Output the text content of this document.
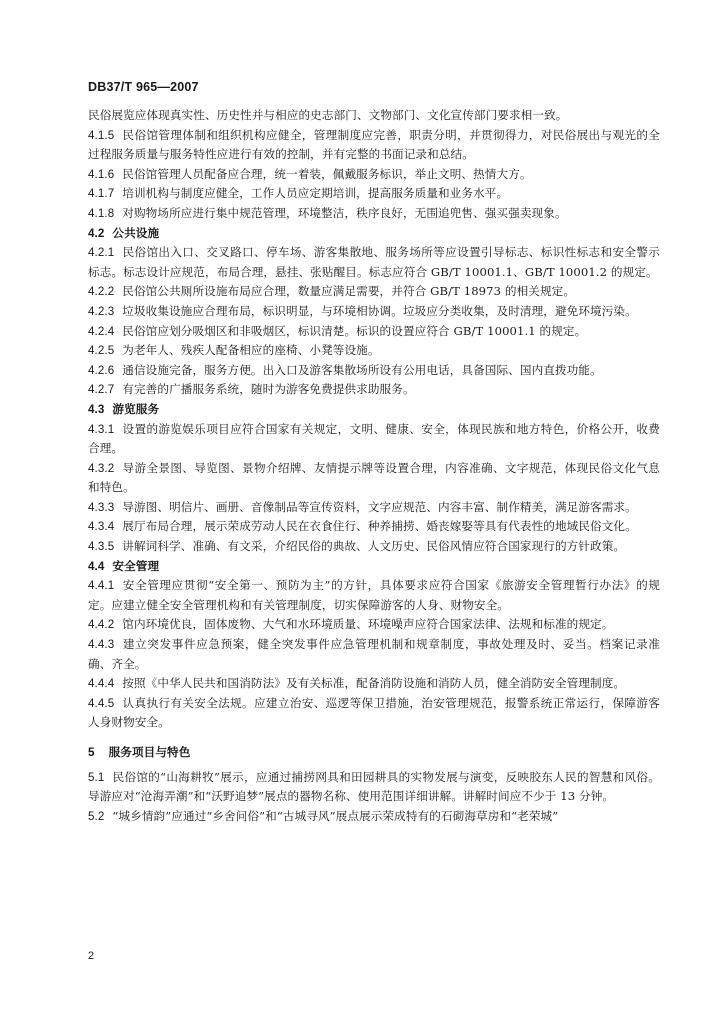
DB37/T 965—2007

民俗展览应体现真实性、历史性并与相应的史志部门、文物部门、文化宣传部门要求相一致。

4.1.5 民俗馆管理体制和组织机构应健全，管理制度应完善，职责分明，并贯彻得力，对民俗展出与观光的全过程服务质量与服务特性应进行有效的控制，并有完整的书面记录和总结。

4.1.6 民俗馆管理人员配备应合理，统一着装，佩戴服务标识，举止文明、热情大方。

4.1.7 培训机构与制度应健全，工作人员应定期培训，提高服务质量和业务水平。

4.1.8 对购物场所应进行集中规范管理，环境整洁，秩序良好，无围追兜售、强买强卖现象。

4.2 公共设施

4.2.1 民俗馆出入口、交叉路口、停车场、游客集散地、服务场所等应设置引导标志、标识性标志和安全警示标志。标志设计应规范，布局合理，悬挂、张贴醒目。标志应符合 GB/T 10001.1、GB/T 10001.2 的规定。

4.2.2 民俗馆公共厕所设施布局应合理，数量应满足需要，并符合 GB/T 18973 的相关规定。

4.2.3 垃圾收集设施应合理布局，标识明显，与环境相协调。垃圾应分类收集，及时清理，避免环境污染。

4.2.4 民俗馆应划分吸烟区和非吸烟区，标识清楚。标识的设置应符合 GB/T 10001.1 的规定。

4.2.5 为老年人、残疾人配备相应的座椅、小凳等设施。

4.2.6 通信设施完备，服务方便。出入口及游客集散场所设有公用电话，具备国际、国内直拨功能。

4.2.7 有完善的广播服务系统，随时为游客免费提供求助服务。

4.3 游览服务

4.3.1 设置的游览娱乐项目应符合国家有关规定，文明、健康、安全，体现民族和地方特色，价格公开，收费合理。

4.3.2 导游全景图、导览图、景物介绍牌、友情提示牌等设置合理，内容准确、文字规范，体现民俗文化气息和特色。

4.3.3 导游图、明信片、画册、音像制品等宣传资料，文字应规范、内容丰富、制作精美，满足游客需求。

4.3.4 展厅布局合理，展示荣成劳动人民在衣食住行、种养捕捞、婚丧嫁娶等具有代表性的地域民俗文化。

4.3.5 讲解词科学、准确、有文采，介绍民俗的典故、人文历史、民俗风情应符合国家现行的方针政策。

4.4 安全管理

4.4.1 安全管理应贯彻“安全第一、预防为主”的方针，具体要求应符合国家《旅游安全管理暂行办法》的规定。应建立健全安全管理机构和有关管理制度，切实保障游客的人身、财物安全。

4.4.2 馆内环境优良，固体废物、大气和水环境质量、环境噪声应符合国家法律、法规和标准的规定。

4.4.3 建立突发事件应急预案，健全突发事件应急管理机制和规章制度，事故处理及时、妥当。档案记录准确、齐全。

4.4.4 按照《中华人民共和国消防法》及有关标准，配备消防设施和消防人员，健全消防安全管理制度。

4.4.5 认真执行有关安全法规。应建立治安、巡逻等保卫措施，治安管理规范，报警系统正常运行，保障游客人身财物安全。

5 服务项目与特色

5.1 民俗馆的“山海耕牧”展示，应通过捕捞网具和田园耕具的实物发展与演变，反映胶东人民的智慧和风俗。导游应对“沧海弄潮”和“沃野追梦”展点的器物名称、使用范围详细讲解。讲解时间应不少于 13 分钟。

5.2 “城乡情韵”应通过“乡舍问俗”和“古城寻风”展点展示荣成特有的石砌海草房和“老荣城”

2
